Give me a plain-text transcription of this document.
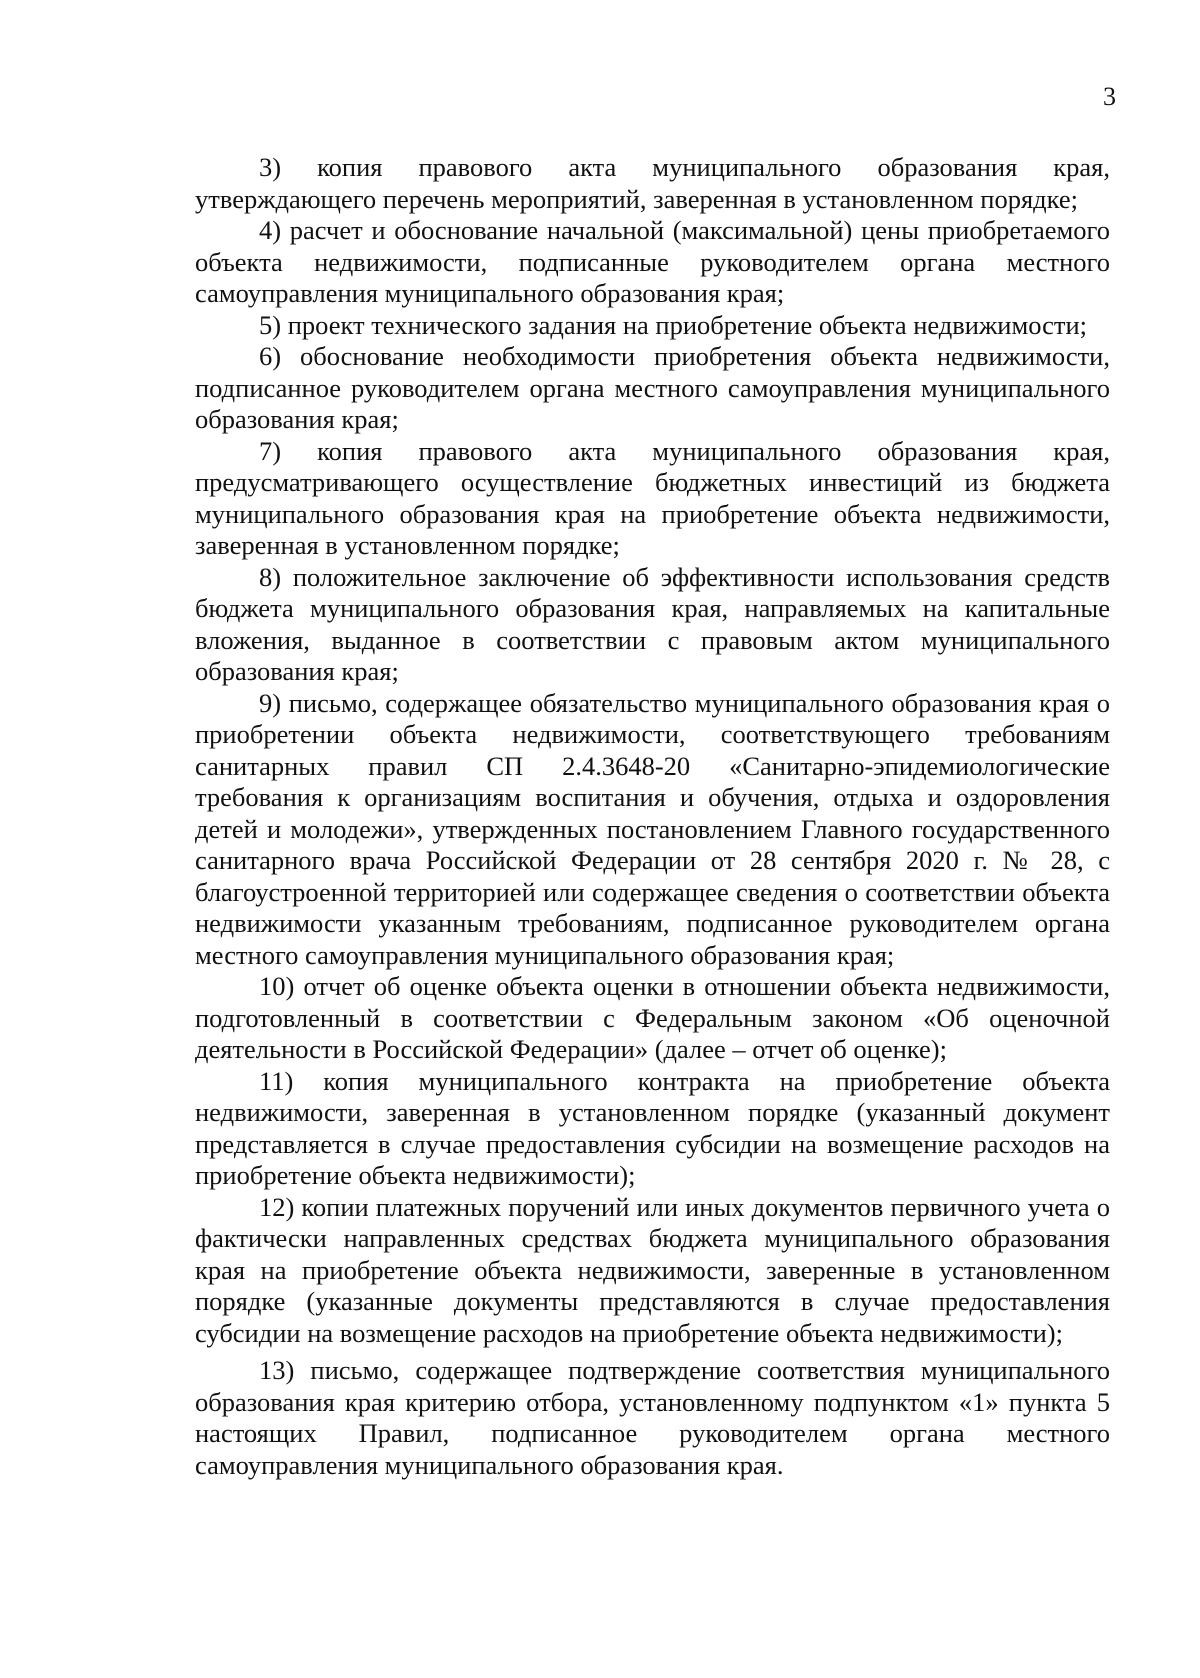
3

3) копия правового акта муниципального образования края, утверждающего перечень мероприятий, заверенная в установленном порядке;

4) расчет и обоснование начальной (максимальной) цены приобретаемого объекта недвижимости, подписанные руководителем органа местного самоуправления муниципального образования края;

5) проект технического задания на приобретение объекта недвижимости;

6) обоснование необходимости приобретения объекта недвижимости, подписанное руководителем органа местного самоуправления муниципального образования края;

7) копия правового акта муниципального образования края, предусматривающего осуществление бюджетных инвестиций из бюджета муниципального образования края на приобретение объекта недвижимости, заверенная в установленном порядке;

8) положительное заключение об эффективности использования средств бюджета муниципального образования края, направляемых на капитальные вложения, выданное в соответствии с правовым актом муниципального образования края;

9) письмо, содержащее обязательство муниципального образования края о приобретении объекта недвижимости, соответствующего требованиям санитарных правил СП 2.4.3648-20 «Санитарно-эпидемиологические требования к организациям воспитания и обучения, отдыха и оздоровления детей и молодежи», утвержденных постановлением Главного государственного санитарного врача Российской Федерации от 28 сентября 2020 г. № 28, с благоустроенной территорией или содержащее сведения о соответствии объекта недвижимости указанным требованиям, подписанное руководителем органа местного самоуправления муниципального образования края;

10) отчет об оценке объекта оценки в отношении объекта недвижимости, подготовленный в соответствии с Федеральным законом «Об оценочной деятельности в Российской Федерации» (далее – отчет об оценке);

11) копия муниципального контракта на приобретение объекта недвижимости, заверенная в установленном порядке (указанный документ представляется в случае предоставления субсидии на возмещение расходов на приобретение объекта недвижимости);

12) копии платежных поручений или иных документов первичного учета о фактически направленных средствах бюджета муниципального образования края на приобретение объекта недвижимости, заверенные в установленном порядке (указанные документы представляются в случае предоставления субсидии на возмещение расходов на приобретение объекта недвижимости);

13) письмо, содержащее подтверждение соответствия муниципального образования края критерию отбора, установленному подпунктом «1» пункта 5 настоящих Правил, подписанное руководителем органа местного самоуправления муниципального образования края.
